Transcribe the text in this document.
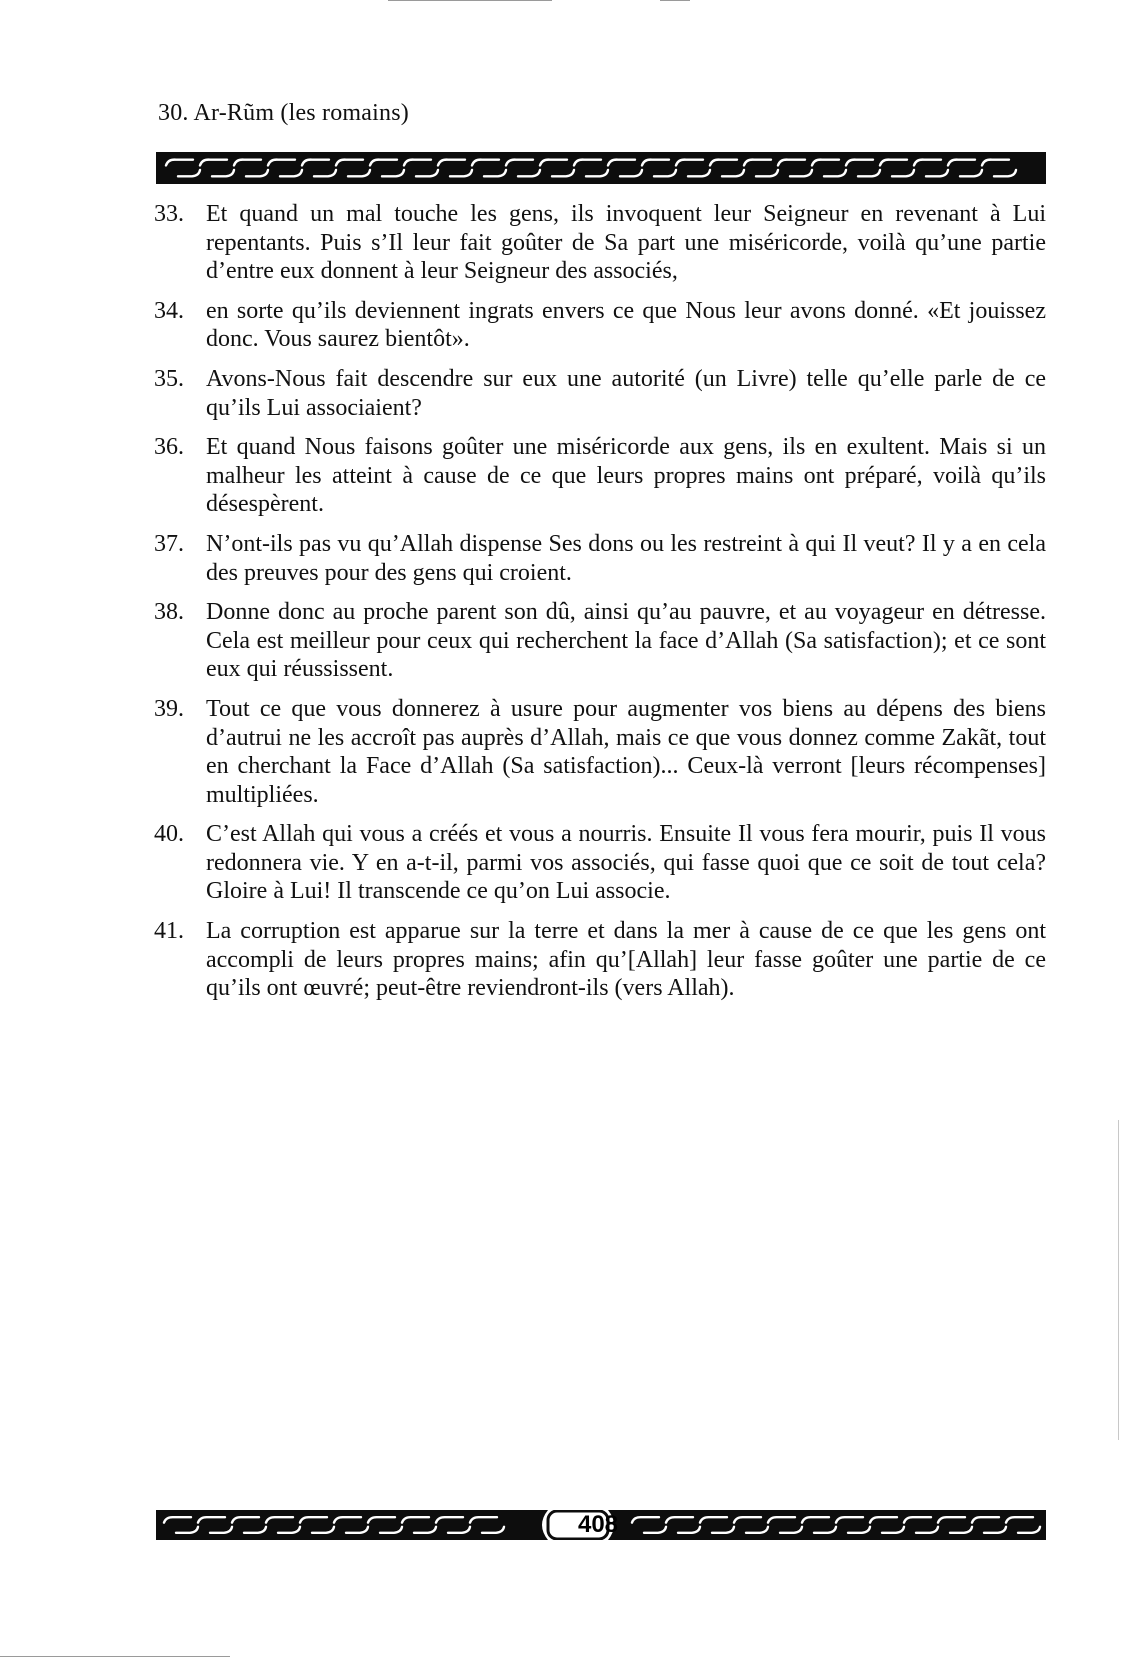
30. Ar-Rũm (les romains)
33. Et quand un mal touche les gens, ils invoquent leur Seigneur en revenant à Lui repentants. Puis s’Il leur fait goûter de Sa part une miséricorde, voilà qu’une partie d’entre eux donnent à leur Seigneur des associés,
34. en sorte qu’ils deviennent ingrats envers ce que Nous leur avons donné. «Et jouissez donc. Vous saurez bientôt».
35. Avons-Nous fait descendre sur eux une autorité (un Livre) telle qu’elle parle de ce qu’ils Lui associaient?
36. Et quand Nous faisons goûter une miséricorde aux gens, ils en exultent. Mais si un malheur les atteint à cause de ce que leurs propres mains ont préparé, voilà qu’ils désespèrent.
37. N’ont-ils pas vu qu’Allah dispense Ses dons ou les restreint à qui Il veut? Il y a en cela des preuves pour des gens qui croient.
38. Donne donc au proche parent son dû, ainsi qu’au pauvre, et au voyageur en détresse. Cela est meilleur pour ceux qui recherchent la face d’Allah (Sa satisfaction); et ce sont eux qui réussissent.
39. Tout ce que vous donnerez à usure pour augmenter vos biens au dépens des biens d’autrui ne les accroît pas auprès d’Allah, mais ce que vous donnez comme Zakãt, tout en cherchant la Face d’Allah (Sa satisfaction)... Ceux-là verront [leurs récompenses] multipliées.
40. C’est Allah qui vous a créés et vous a nourris. Ensuite Il vous fera mourir, puis Il vous redonnera vie. Y en a-t-il, parmi vos associés, qui fasse quoi que ce soit de tout cela? Gloire à Lui! Il transcende ce qu’on Lui associe.
41. La corruption est apparue sur la terre et dans la mer à cause de ce que les gens ont accompli de leurs propres mains; afin qu’[Allah] leur fasse goûter une partie de ce qu’ils ont œuvré; peut-être reviendront-ils (vers Allah).
408
